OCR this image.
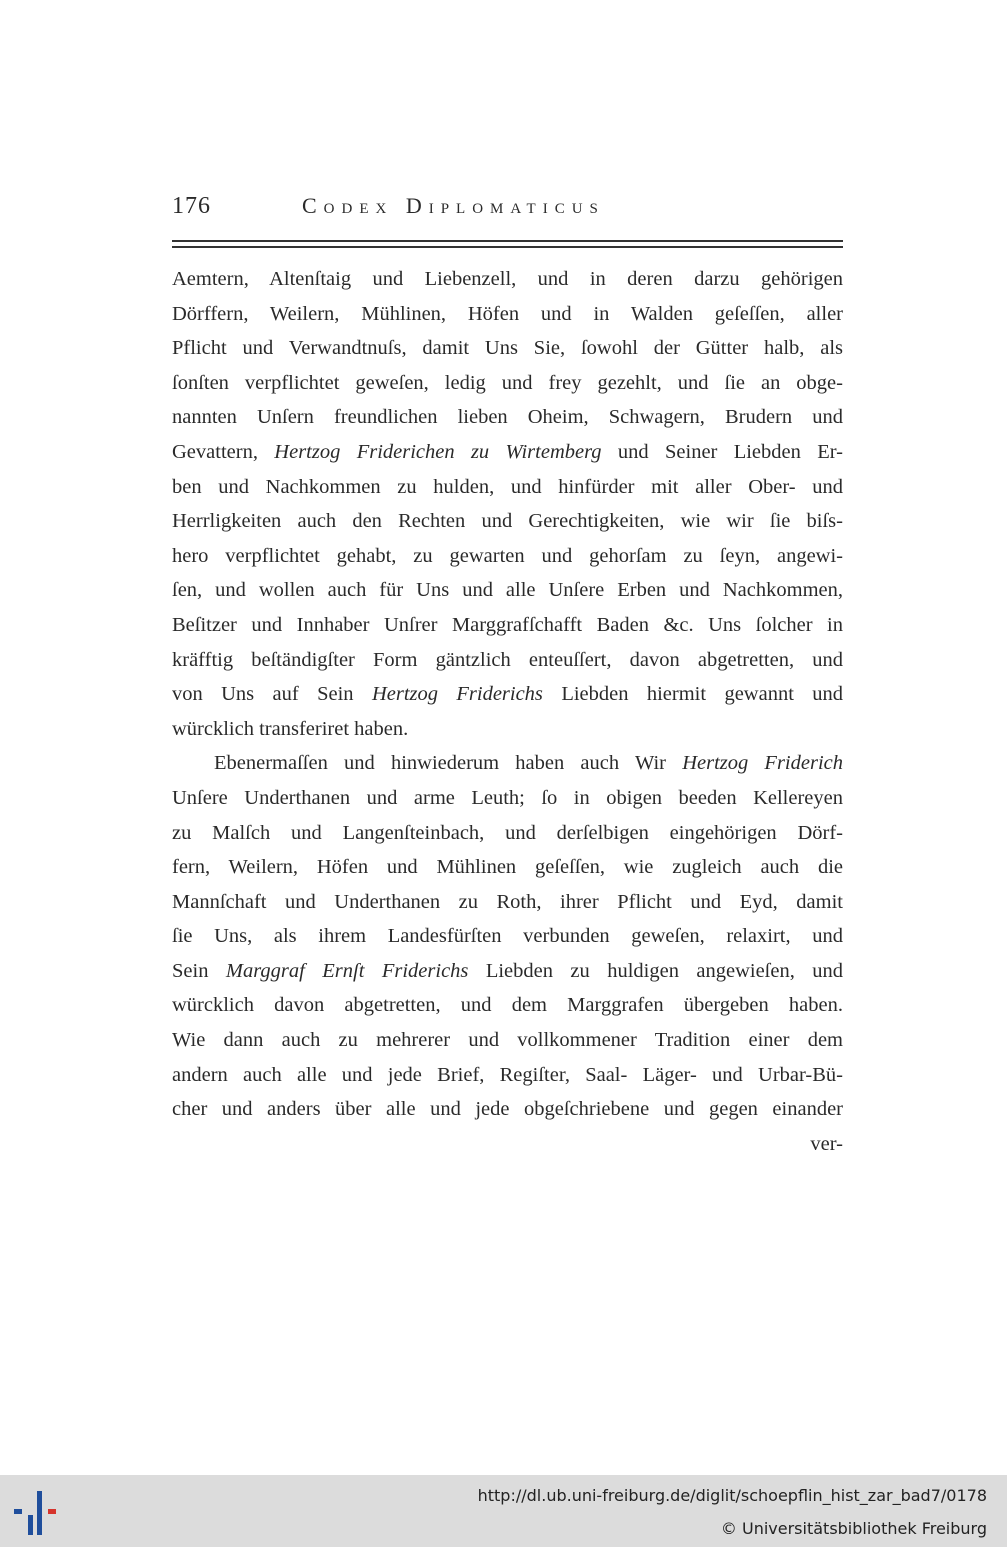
176	Codex Diplomaticus
Aemtern, Altenſtaig und Liebenzell, und in deren darzu gehörigen
Dörffern, Weilern, Mühlinen, Höfen und in Walden geſeſſen, aller
Pflicht und Verwandtnuſs, damit Uns Sie, ſowohl der Gütter halb, als
ſonſten verpflichtet geweſen, ledig und frey gezehlt, und ſie an obge-
nannten Unſern freundlichen lieben Oheim, Schwagern, Brudern und
Gevattern, Hertzog Friderichen zu Wirtemberg und Seiner Liebden Er-
ben und Nachkommen zu hulden, und hinfürder mit aller Ober- und
Herrligkeiten auch den Rechten und Gerechtigkeiten, wie wir ſie biſs-
hero verpflichtet gehabt, zu gewarten und gehorſam zu ſeyn, angewi-
ſen, und wollen auch für Uns und alle Unſere Erben und Nachkommen,
Beſitzer und Innhaber Unſrer Marggrafſchafft Baden &c. Uns ſolcher in
kräfftig beſtändigſter Form gäntzlich enteuſſert, davon abgetretten, und
von Uns auf Sein Hertzog Friderichs Liebden hiermit gewannt und
würcklich transferiret haben.
Ebenermaſſen und hinwiederum haben auch Wir Hertzog Friderich
Unſere Underthanen und arme Leuth; ſo in obigen beeden Kellereyen
zu Malſch und Langenſteinbach, und derſelbigen eingehörigen Dörf-
fern, Weilern, Höfen und Mühlinen geſeſſen, wie zugleich auch die
Mannſchaft und Underthanen zu Roth, ihrer Pflicht und Eyd, damit
ſie Uns, als ihrem Landesfürſten verbunden geweſen, relaxirt, und
Sein Marggraf Ernſt Friderichs Liebden zu huldigen angewieſen, und
würcklich davon abgetretten, und dem Marggrafen übergeben haben.
Wie dann auch zu mehrerer und vollkommener Tradition einer dem
andern auch alle und jede Brief, Regiſter, Saal- Läger- und Urbar-Bü-
cher und anders über alle und jede obgeſchriebene und gegen einander
ver-
http://dl.ub.uni-freiburg.de/diglit/schoepflin_hist_zar_bad7/0178
© Universitätsbibliothek Freiburg
